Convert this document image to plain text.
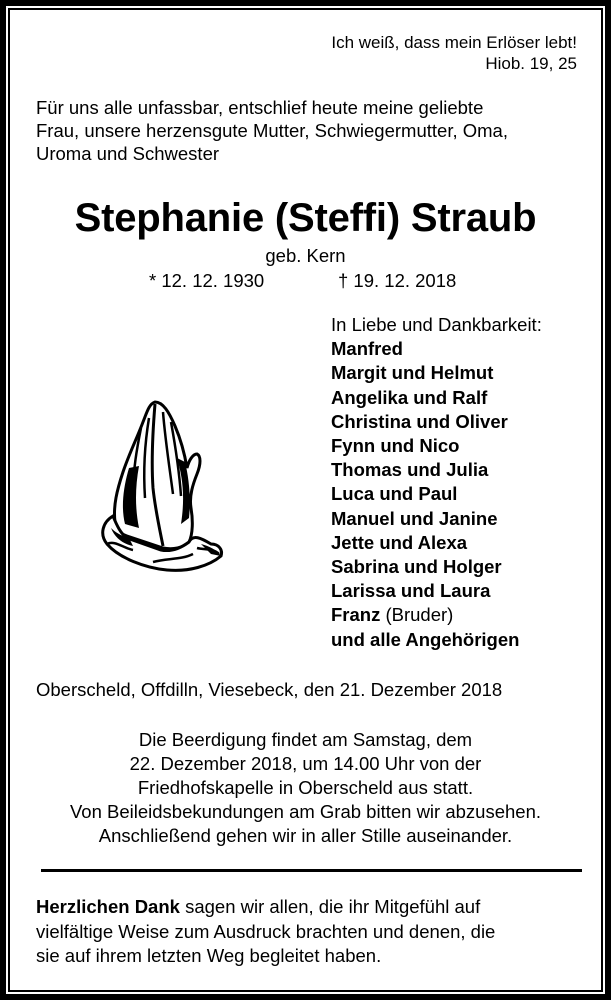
Ich weiß, dass mein Erlöser lebt!
Hiob. 19, 25
Für uns alle unfassbar, entschlief heute meine geliebte
Frau, unsere herzensgute Mutter, Schwiegermutter, Oma,
Uroma und Schwester
Stephanie (Steffi) Straub
geb. Kern
* 12. 12. 1930	† 19. 12. 2018
In Liebe und Dankbarkeit:
Manfred
Margit und Helmut
Angelika und Ralf
Christina und Oliver
Fynn und Nico
Thomas und Julia
Luca und Paul
Manuel und Janine
Jette und Alexa
Sabrina und Holger
Larissa und Laura
Franz (Bruder)
und alle Angehörigen
Oberscheld, Offdilln, Viesebeck, den 21. Dezember 2018
Die Beerdigung findet am Samstag, dem
22. Dezember 2018, um 14.00 Uhr von der
Friedhofskapelle in Oberscheld aus statt.
Von Beileidsbekundungen am Grab bitten wir abzusehen.
Anschließend gehen wir in aller Stille auseinander.
Herzlichen Dank sagen wir allen, die ihr Mitgefühl auf
vielfältige Weise zum Ausdruck brachten und denen, die
sie auf ihrem letzten Weg begleitet haben.
